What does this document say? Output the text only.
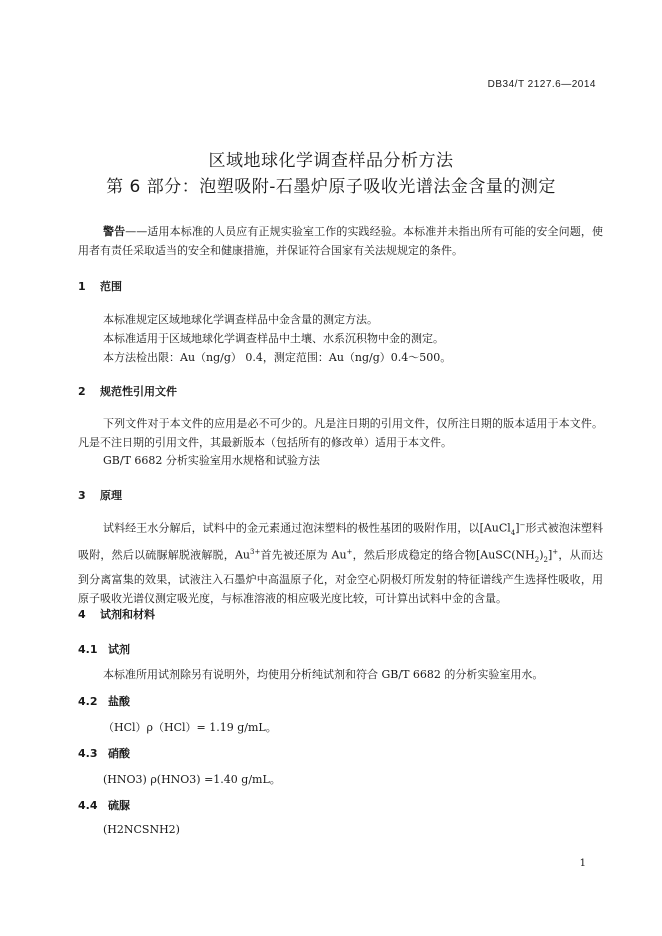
DB34/T 2127.6—2014
区域地球化学调查样品分析方法
第 6 部分：泡塑吸附-石墨炉原子吸收光谱法金含量的测定
警告——适用本标准的人员应有正规实验室工作的实践经验。本标准并未指出所有可能的安全问题，使用者有责任采取适当的安全和健康措施，并保证符合国家有关法规规定的条件。
1 范围
本标准规定区域地球化学调查样品中金含量的测定方法。
本标准适用于区域地球化学调查样品中土壤、水系沉积物中金的测定。
本方法检出限：Au（ng/g） 0.4，测定范围：Au（ng/g）0.4～500。
2 规范性引用文件
下列文件对于本文件的应用是必不可少的。凡是注日期的引用文件，仅所注日期的版本适用于本文件。凡是不注日期的引用文件，其最新版本（包括所有的修改单）适用于本文件。
GB/T 6682 分析实验室用水规格和试验方法
3 原理
试料经王水分解后，试料中的金元素通过泡沫塑料的极性基团的吸附作用，以[AuCl$_4$]−形式被泡沫塑料吸附，然后以硫脲解脱液解脱，$Au^{3+}$首先被还原为 Au+，然后形成稳定的络合物$[AuSC(NH_2)_2]^+$，从而达到分离富集的效果，试液注入石墨炉中高温原子化，对金空心阴极灯所发射的特征谱线产生选择性吸收，用原子吸收光谱仪测定吸光度，与标准溶液的相应吸光度比较，可计算出试料中金的含量。
4 试剂和材料
4.1 试剂
本标准所用试剂除另有说明外，均使用分析纯试剂和符合 GB/T 6682 的分析实验室用水。
4.2 盐酸
（HCl）ρ（HCl）= 1.19 g/mL。
4.3 硝酸
(HNO3) ρ(HNO3) =1.40 g/mL。
4.4 硫脲
(H2NCSNH2)
1
